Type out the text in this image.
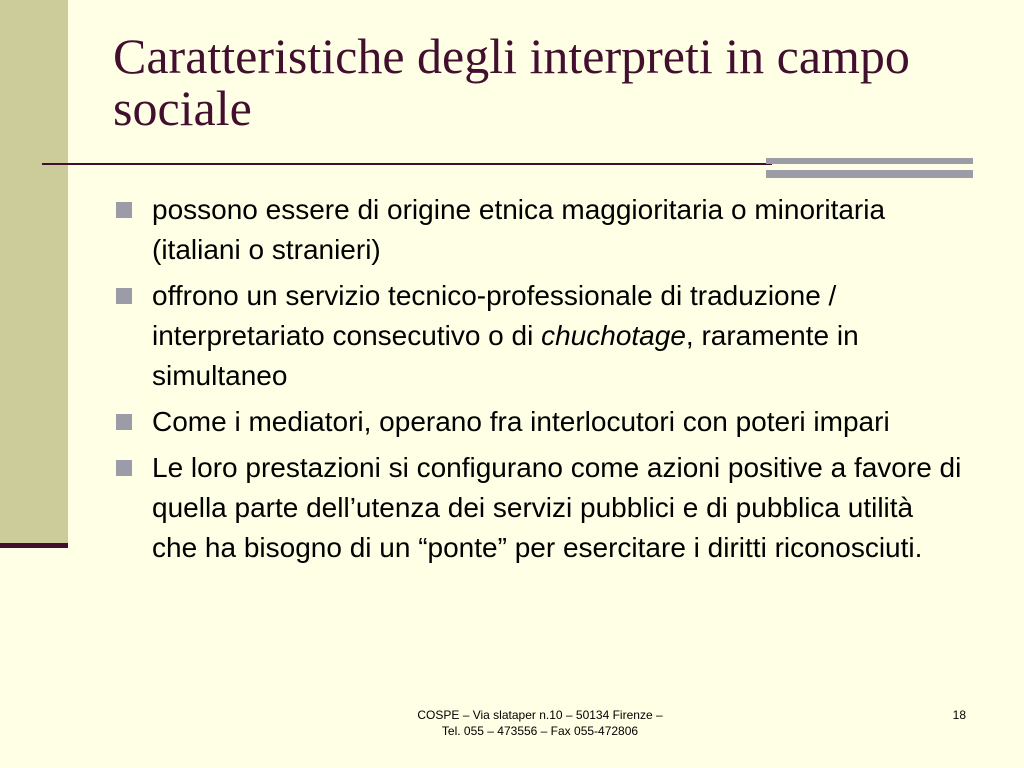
Caratteristiche degli interpreti in campo sociale
possono essere di origine etnica maggioritaria o minoritaria (italiani o stranieri)
offrono un servizio tecnico-professionale di traduzione / interpretariato consecutivo o di chuchotage, raramente in simultaneo
Come i mediatori, operano fra interlocutori con poteri impari
Le loro prestazioni si configurano come azioni positive a favore di quella parte dell’utenza dei servizi pubblici e di pubblica utilità che ha bisogno di un “ponte” per esercitare i diritti riconosciuti.
COSPE – Via slataper n.10 – 50134 Firenze –
Tel. 055 – 473556 – Fax 055-472806
18
